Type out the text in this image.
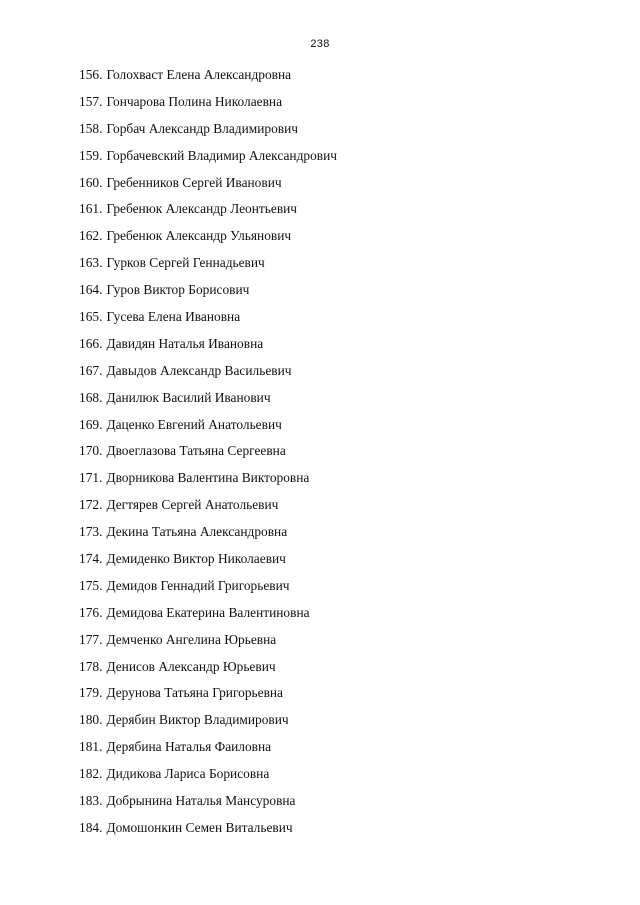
238
156. Голохваст Елена Александровна
157. Гончарова Полина Николаевна
158. Горбач Александр Владимирович
159. Горбачевский Владимир Александрович
160. Гребенников Сергей Иванович
161. Гребенюк Александр Леонтьевич
162. Гребенюк Александр Ульянович
163. Гурков Сергей Геннадьевич
164. Гуров Виктор Борисович
165. Гусева Елена Ивановна
166. Давидян Наталья Ивановна
167. Давыдов Александр Васильевич
168. Данилюк Василий Иванович
169. Даценко Евгений Анатольевич
170. Двоеглазова Татьяна Сергеевна
171. Дворникова Валентина Викторовна
172. Дегтярев Сергей Анатольевич
173. Декина Татьяна Александровна
174. Демиденко Виктор Николаевич
175. Демидов Геннадий Григорьевич
176. Демидова Екатерина Валентиновна
177. Демченко Ангелина Юрьевна
178. Денисов Александр Юрьевич
179. Дерунова Татьяна Григорьевна
180. Дерябин Виктор Владимирович
181. Дерябина Наталья Фаиловна
182. Дидикова Лариса Борисовна
183. Добрынина Наталья Мансуровна
184. Домошонкин Семен Витальевич
